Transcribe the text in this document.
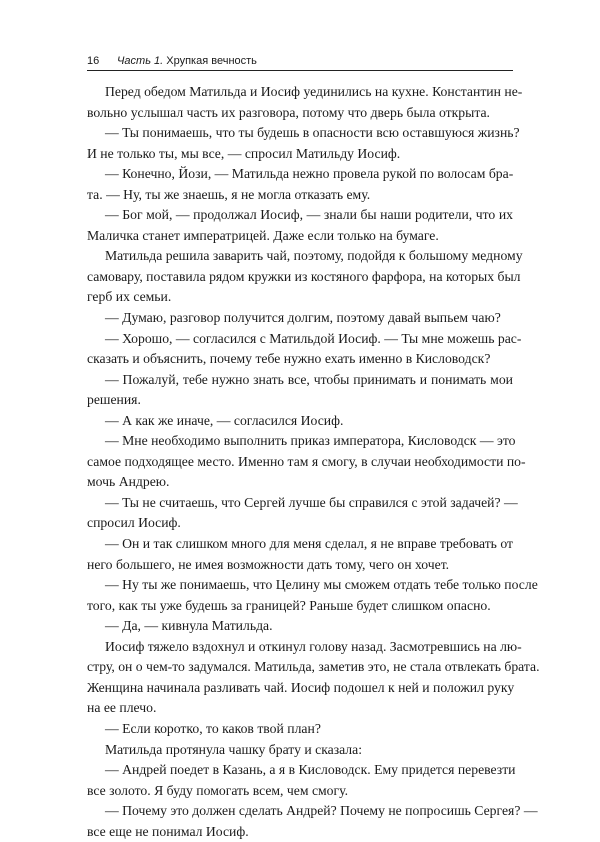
16 Часть 1. Хрупкая вечность
Перед обедом Матильда и Иосиф уединились на кухне. Константин не-
вольно услышал часть их разговора, потому что дверь была открыта.
— Ты понимаешь, что ты будешь в опасности всю оставшуюся жизнь?
И не только ты, мы все, — спросил Матильду Иосиф.
— Конечно, Йози, — Матильда нежно провела рукой по волосам бра-
та. — Ну, ты же знаешь, я не могла отказать ему.
— Бог мой, — продолжал Иосиф, — знали бы наши родители, что их
Маличка станет императрицей. Даже если только на бумаге.
Матильда решила заварить чай, поэтому, подойдя к большому медному
самовару, поставила рядом кружки из костяного фарфора, на которых был
герб их семьи.
— Думаю, разговор получится долгим, поэтому давай выпьем чаю?
— Хорошо, — согласился с Матильдой Иосиф. — Ты мне можешь рас-
сказать и объяснить, почему тебе нужно ехать именно в Кисловодск?
— Пожалуй, тебе нужно знать все, чтобы принимать и понимать мои
решения.
— А как же иначе, — согласился Иосиф.
— Мне необходимо выполнить приказ императора, Кисловодск — это
самое подходящее место. Именно там я смогу, в случаи необходимости по-
мочь Андрею.
— Ты не считаешь, что Сергей лучше бы справился с этой задачей? —
спросил Иосиф.
— Он и так слишком много для меня сделал, я не вправе требовать от
него большего, не имея возможности дать тому, чего он хочет.
— Ну ты же понимаешь, что Целину мы сможем отдать тебе только после
того, как ты уже будешь за границей? Раньше будет слишком опасно.
— Да, — кивнула Матильда.
Иосиф тяжело вздохнул и откинул голову назад. Засмотревшись на лю-
стру, он о чем-то задумался. Матильда, заметив это, не стала отвлекать брата.
Женщина начинала разливать чай. Иосиф подошел к ней и положил руку
на ее плечо.
— Если коротко, то каков твой план?
Матильда протянула чашку брату и сказала:
— Андрей поедет в Казань, а я в Кисловодск. Ему придется перевезти
все золото. Я буду помогать всем, чем смогу.
— Почему это должен сделать Андрей? Почему не попросишь Сергея? —
все еще не понимал Иосиф.
